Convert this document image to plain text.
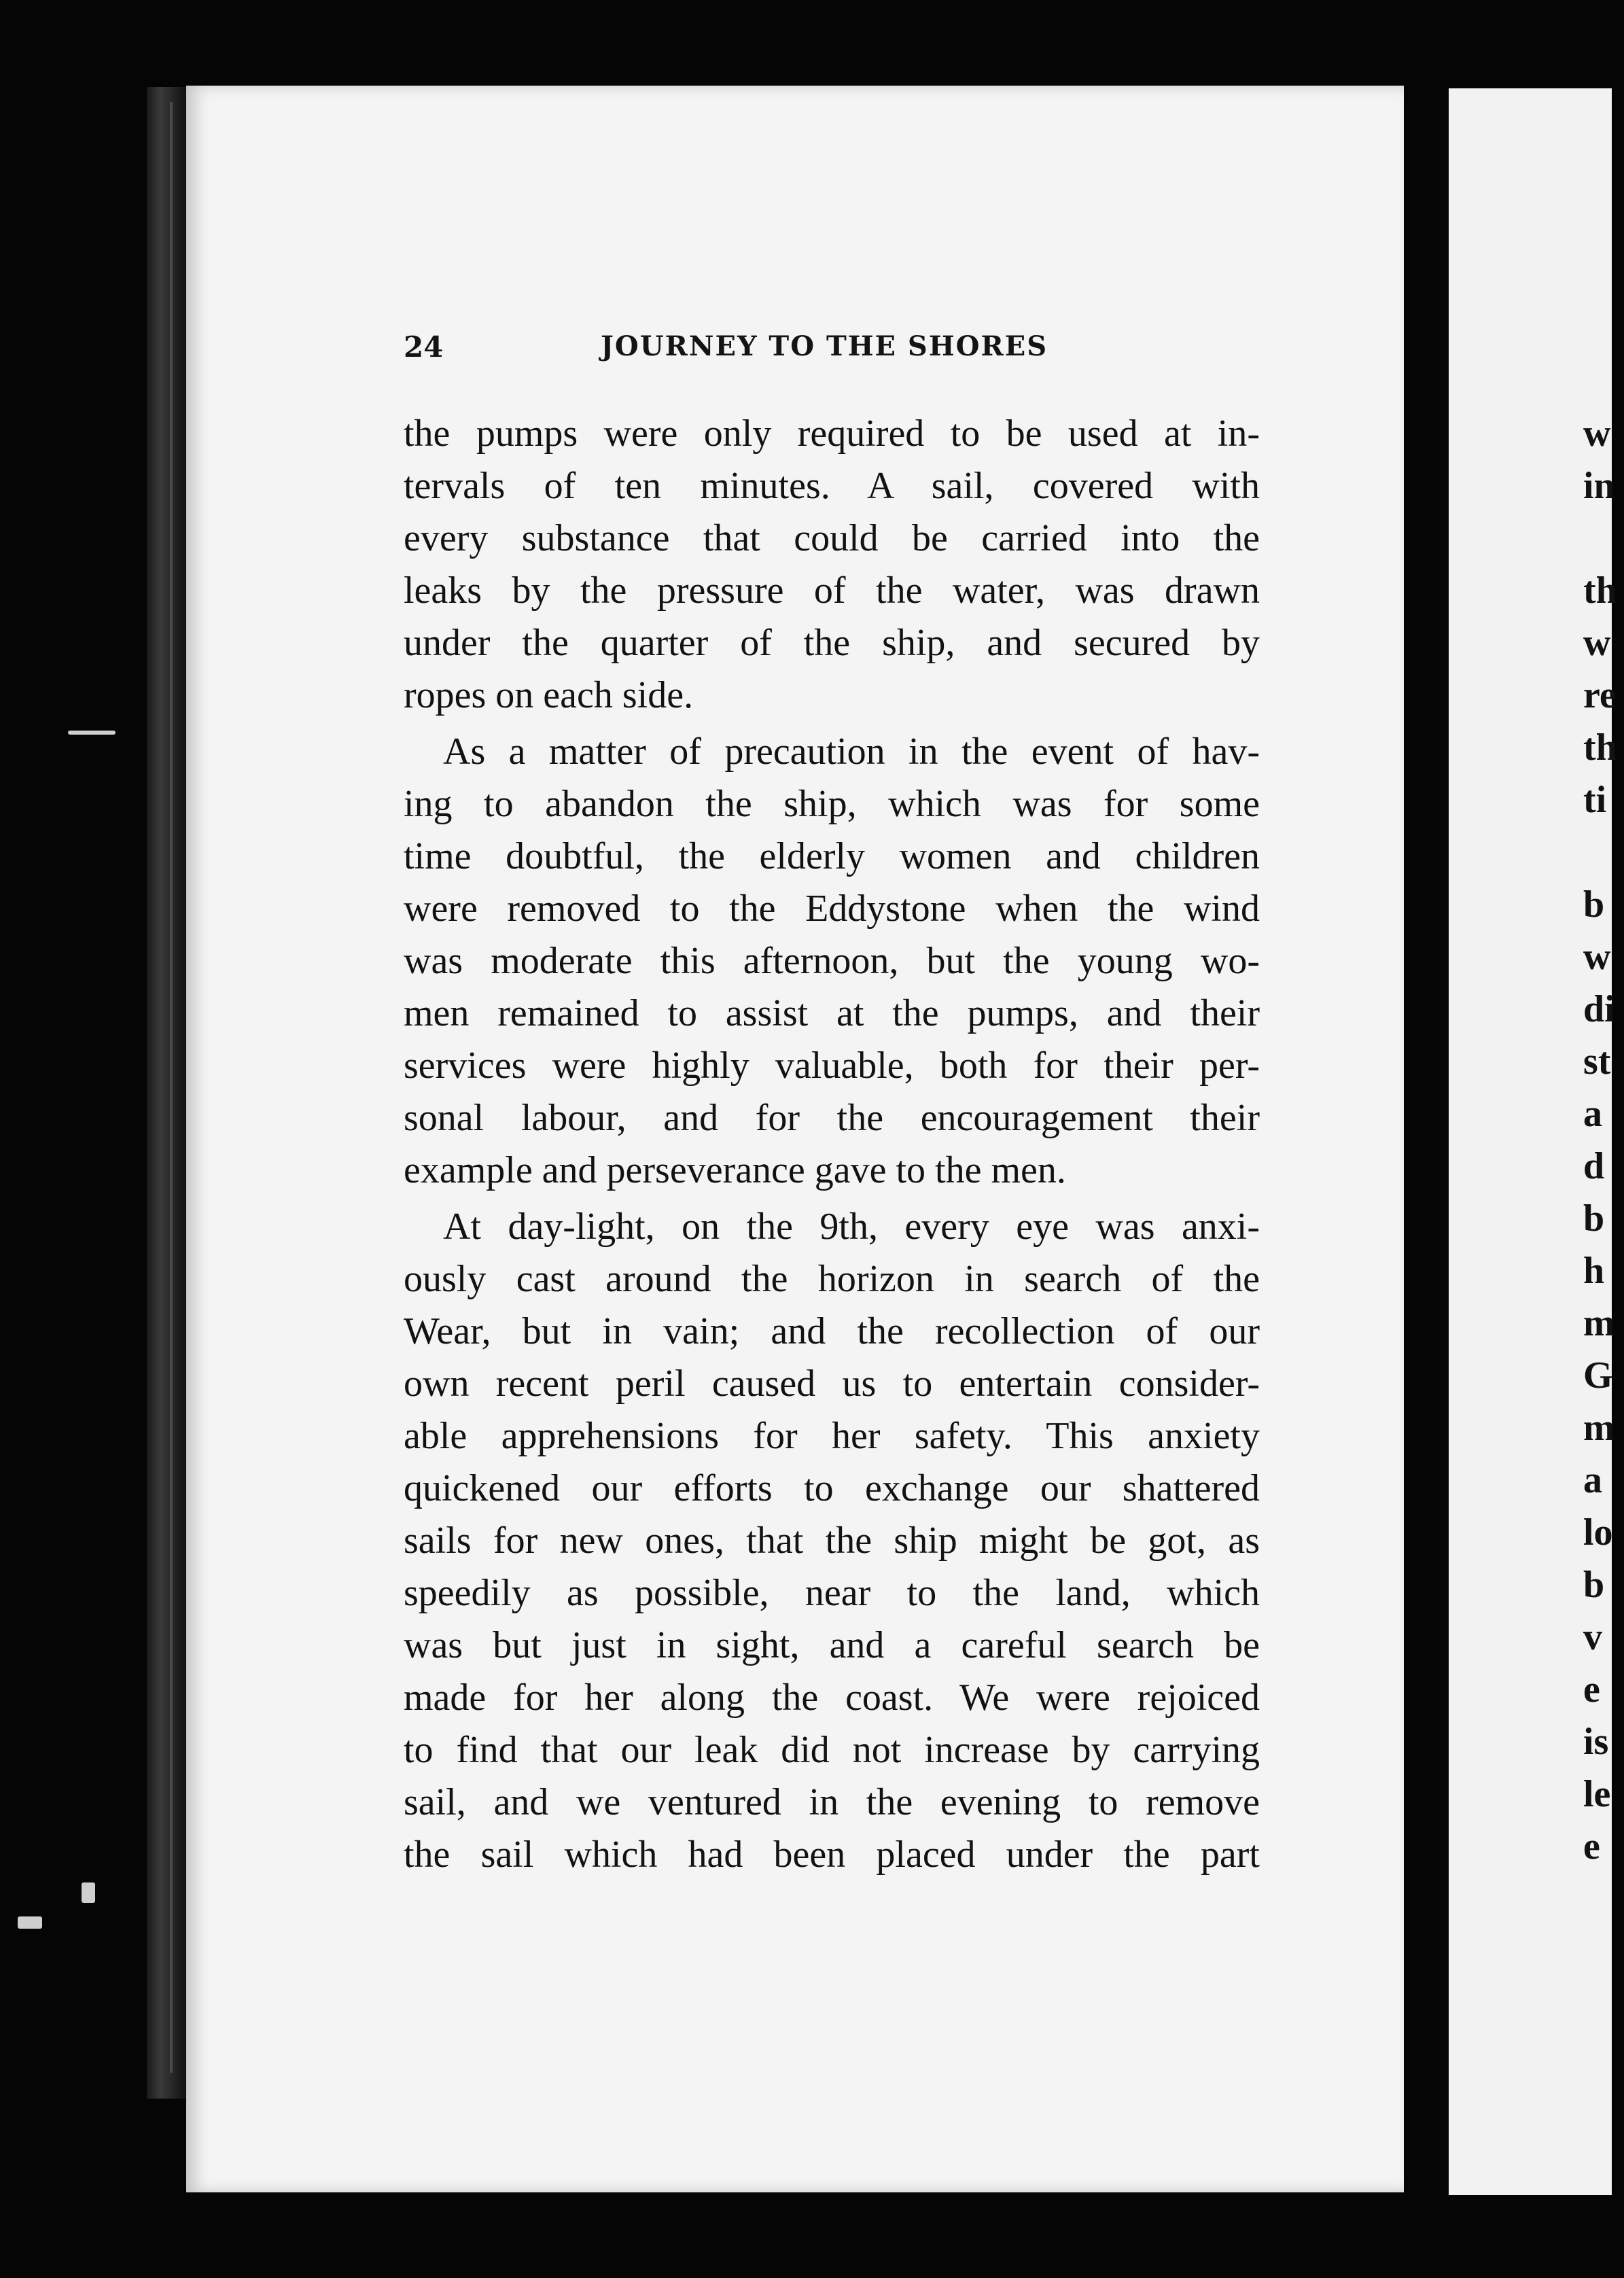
24	JOURNEY TO THE SHORES
the pumps were only required to be used at in-
tervals of ten minutes. A sail, covered with
every substance that could be carried into the
leaks by the pressure of the water, was drawn
under the quarter of the ship, and secured by
ropes on each side.
As a matter of precaution in the event of hav-
ing to abandon the ship, which was for some
time doubtful, the elderly women and children
were removed to the Eddystone when the wind
was moderate this afternoon, but the young wo-
men remained to assist at the pumps, and their
services were highly valuable, both for their per-
sonal labour, and for the encouragement their
example and perseverance gave to the men.
At day-light, on the 9th, every eye was anxi-
ously cast around the horizon in search of the
Wear, but in vain; and the recollection of our
own recent peril caused us to entertain consider-
able apprehensions for her safety. This anxiety
quickened our efforts to exchange our shattered
sails for new ones, that the ship might be got, as
speedily as possible, near to the land, which
was but just in sight, and a careful search be
made for her along the coast. We were rejoiced
to find that our leak did not increase by carrying
sail, and we ventured in the evening to remove
the sail which had been placed under the part
w
in
th
w
re
th
ti
b
w
di
st
a
d
b
h
m
G
m
a
lo
b
v
e
is
le
e
